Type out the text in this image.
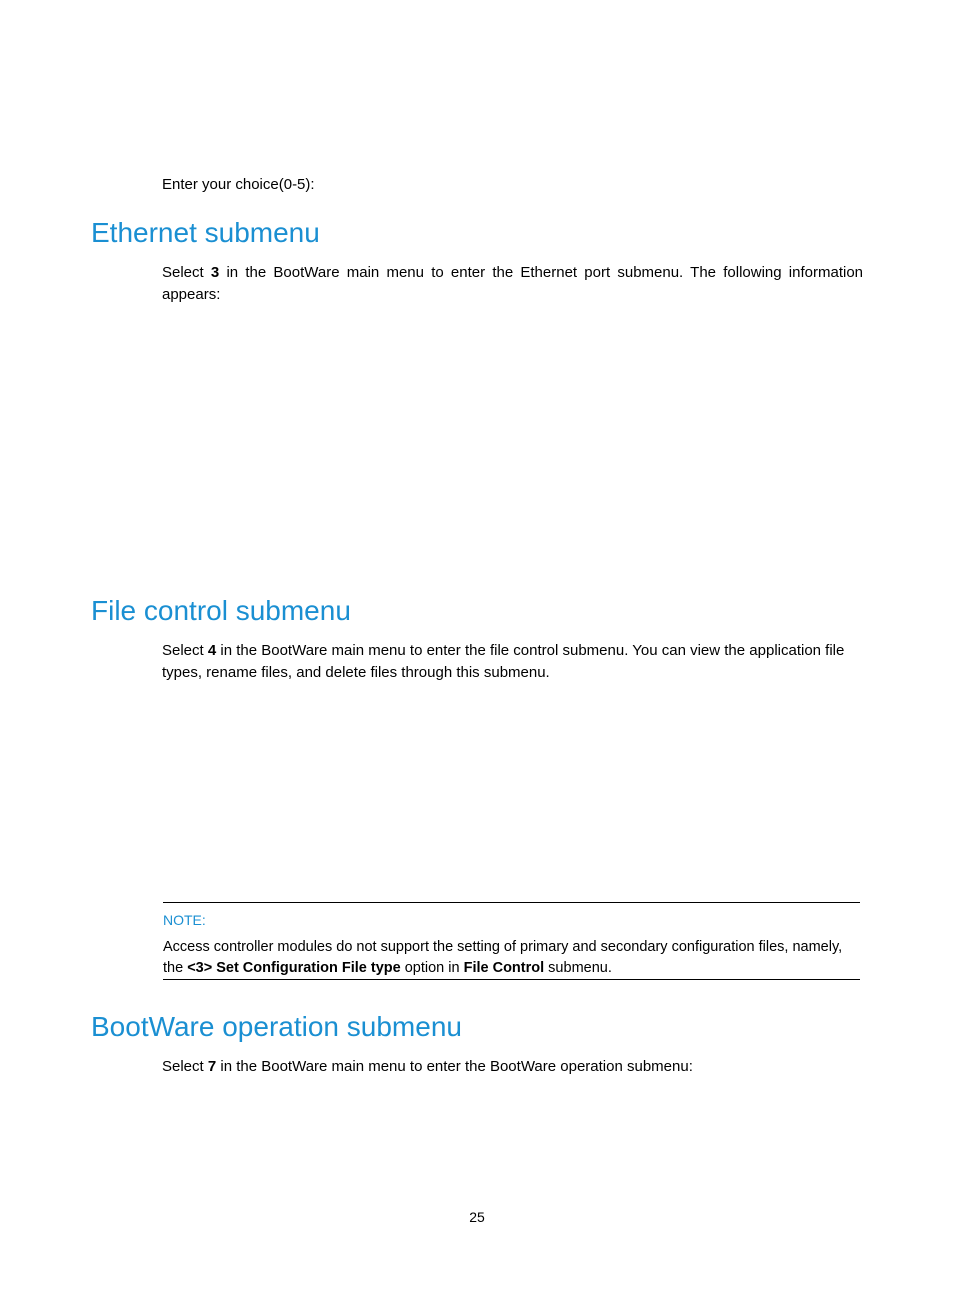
Enter your choice(0-5):

Ethernet submenu

Select 3 in the BootWare main menu to enter the Ethernet port submenu. The following information appears:

File control submenu

Select 4 in the BootWare main menu to enter the file control submenu. You can view the application file types, rename files, and delete files through this submenu.

NOTE:

Access controller modules do not support the setting of primary and secondary configuration files, namely, the <3> Set Configuration File type option in File Control submenu.

BootWare operation submenu

Select 7 in the BootWare main menu to enter the BootWare operation submenu:

25
